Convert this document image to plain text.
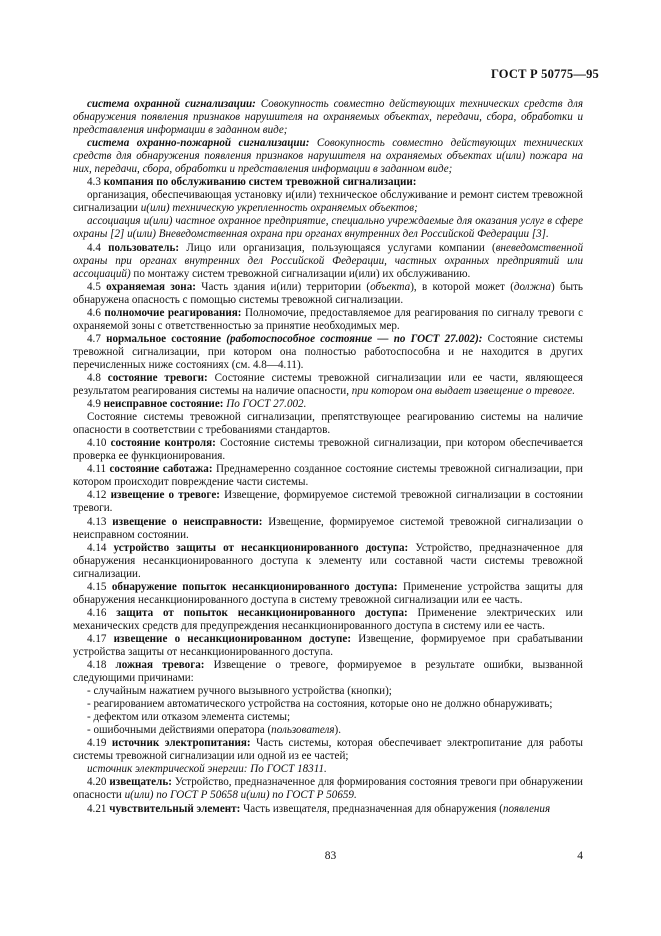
ГОСТ Р 50775—95

система охранной сигнализации: Совокупность совместно действующих технических средств для обнаружения появления признаков нарушителя на охраняемых объектах, передачи, сбора, обработки и представления информации в заданном виде;

система охранно-пожарной сигнализации: Совокупность совместно действующих технических средств для обнаружения появления признаков нарушителя на охраняемых объектах и(или) пожара на них, передачи, сбора, обработки и представления информации в заданном виде;

4.3 компания по обслуживанию систем тревожной сигнализации:

организация, обеспечивающая установку и(или) техническое обслуживание и ремонт систем тревожной сигнализации и(или) техническую укрепленность охраняемых объектов;

ассоциация и(или) частное охранное предприятие, специально учреждаемые для оказания услуг в сфере охраны [2] и(или) Вневедомственная охрана при органах внутренних дел Российской Федерации [3].

4.4 пользователь: Лицо или организация, пользующаяся услугами компании (вневедомственной охраны при органах внутренних дел Российской Федерации, частных охранных предприятий или ассоциаций) по монтажу систем тревожной сигнализации и(или) их обслуживанию.

4.5 охраняемая зона: Часть здания и(или) территории (объекта), в которой может (должна) быть обнаружена опасность с помощью системы тревожной сигнализации.

4.6 полномочие реагирования: Полномочие, предоставляемое для реагирования по сигналу тревоги с охраняемой зоны с ответственностью за принятие необходимых мер.

4.7 нормальное состояние (работоспособное состояние — по ГОСТ 27.002): Состояние системы тревожной сигнализации, при котором она полностью работоспособна и не находится в других перечисленных ниже состояниях (см. 4.8—4.11).

4.8 состояние тревоги: Состояние системы тревожной сигнализации или ее части, являющееся результатом реагирования системы на наличие опасности, при котором она выдает извещение о тревоге.

4.9 неисправное состояние: По ГОСТ 27.002.

Состояние системы тревожной сигнализации, препятствующее реагированию системы на наличие опасности в соответствии с требованиями стандартов.

4.10 состояние контроля: Состояние системы тревожной сигнализации, при котором обеспечивается проверка ее функционирования.

4.11 состояние саботажа: Преднамеренно созданное состояние системы тревожной сигнализации, при котором происходит повреждение части системы.

4.12 извещение о тревоге: Извещение, формируемое системой тревожной сигнализации в состоянии тревоги.

4.13 извещение о неисправности: Извещение, формируемое системой тревожной сигнализации о неисправном состоянии.

4.14 устройство защиты от несанкционированного доступа: Устройство, предназначенное для обнаружения несанкционированного доступа к элементу или составной части системы тревожной сигнализации.

4.15 обнаружение попыток несанкционированного доступа: Применение устройства защиты для обнаружения несанкционированного доступа в систему тревожной сигнализации или ее часть.

4.16 защита от попыток несанкционированного доступа: Применение электрических или механических средств для предупреждения несанкционированного доступа в систему или ее часть.

4.17 извещение о несанкционированном доступе: Извещение, формируемое при срабатывании устройства защиты от несанкционированного доступа.

4.18 ложная тревога: Извещение о тревоге, формируемое в результате ошибки, вызванной следующими причинами:

- случайным нажатием ручного вызывного устройства (кнопки);

- реагированием автоматического устройства на состояния, которые оно не должно обнаруживать;

- дефектом или отказом элемента системы;

- ошибочными действиями оператора (пользователя).

4.19 источник электропитания: Часть системы, которая обеспечивает электропитание для работы системы тревожной сигнализации или одной из ее частей;

источник электрической энергии: По ГОСТ 18311.

4.20 извещатель: Устройство, предназначенное для формирования состояния тревоги при обнаружении опасности и(или) по ГОСТ Р 50658 и(или) по ГОСТ Р 50659.

4.21 чувствительный элемент: Часть извещателя, предназначенная для обнаружения (появления

83	4
